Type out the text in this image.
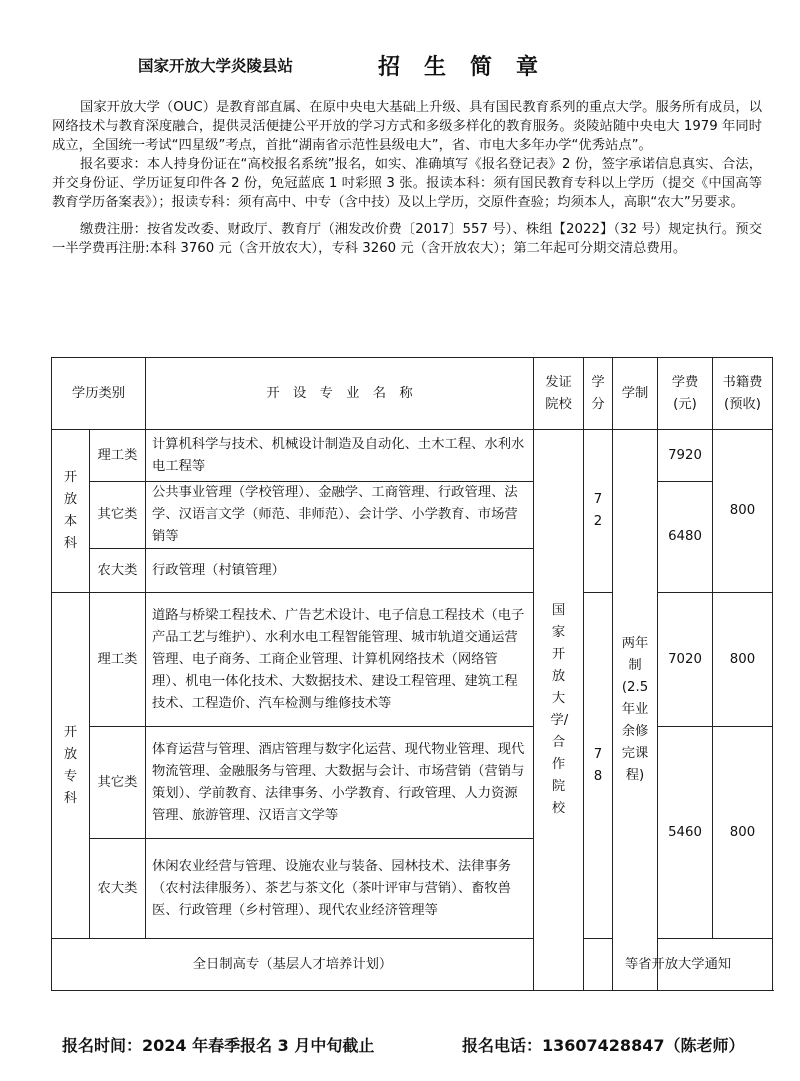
国家开放大学炎陵县站	招生简章

国家开放大学（OUC）是教育部直属、在原中央电大基础上升级、具有国民教育系列的重点大学。服务所有成员，以网络技术与教育深度融合，提供灵活便捷公平开放的学习方式和多级多样化的教育服务。炎陵站随中央电大 1979 年同时成立，全国统一考试“四星级”考点，首批“湖南省示范性县级电大”，省、市电大多年办学“优秀站点”。

报名要求：本人持身份证在“高校报名系统”报名，如实、准确填写《报名登记表》2 份，签字承诺信息真实、合法，并交身份证、学历证复印件各 2 份，免冠蓝底 1 吋彩照 3 张。报读本科：须有国民教育专科以上学历（提交《中国高等教育学历备案表》）；报读专科：须有高中、中专（含中技）及以上学历，交原件查验；均须本人，高职“农大”另要求。

缴费注册：按省发改委、财政厅、教育厅（湘发改价费〔2017〕557 号）、株组【2022】（32 号）规定执行。预交一半学费再注册:本科 3760 元（含开放农大），专科 3260 元（含开放农大）；第二年起可分期交清总费用。

学历类别		开　设　专　业　名　称	发证院校	学分	学制	学费(元)	书籍费(预收)

开放本科	理工类	计算机科学与技术、机械设计制造及自动化、土木工程、水利水电工程等	国家开放大学/合作院校	72	两年制(2.5年业余修完课程)	7920	800
	其它类	公共事业管理（学校管理）、金融学、工商管理、行政管理、法学、汉语言文学（师范、非师范）、会计学、小学教育、市场营销等				6480	
	农大类	行政管理（村镇管理）					

开放专科	理工类	道路与桥梁工程技术、广告艺术设计、电子信息工程技术（电子产品工艺与维护）、水利水电工程智能管理、城市轨道交通运营管理、电子商务、工商企业管理、计算机网络技术（网络管理）、机电一体化技术、大数据技术、建设工程管理、建筑工程技术、工程造价、汽车检测与维修技术等		78		7020	800
	其它类	体育运营与管理、酒店管理与数字化运营、现代物业管理、现代物流管理、金融服务与管理、大数据与会计、市场营销（营销与策划）、学前教育、法律事务、小学教育、行政管理、人力资源管理、旅游管理、汉语言文学等				5460	800
	农大类	休闲农业经营与管理、设施农业与装备、园林技术、法律事务（农村法律服务）、茶艺与茶文化（茶叶评审与营销）、畜牧兽医、行政管理（乡村管理）、现代农业经济管理等					
全日制高专（基层人才培养计划）				等省开放大学通知			
报名时间：2024 年春季报名 3 月中旬截止	报名电话：13607428847（陈老师）
